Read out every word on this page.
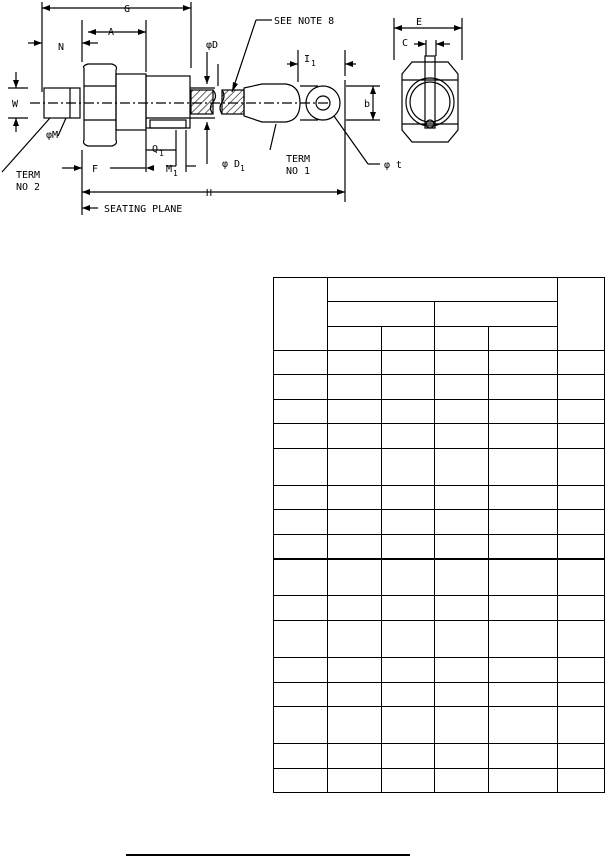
G
A
N	φD
SEE NOTE 8
I 1
W
φM
TERM
NO 2
F
Q 1
M 1
φ D 1
TERM
NO 1
φ t
H
SEATING PLANE
E
C
b
